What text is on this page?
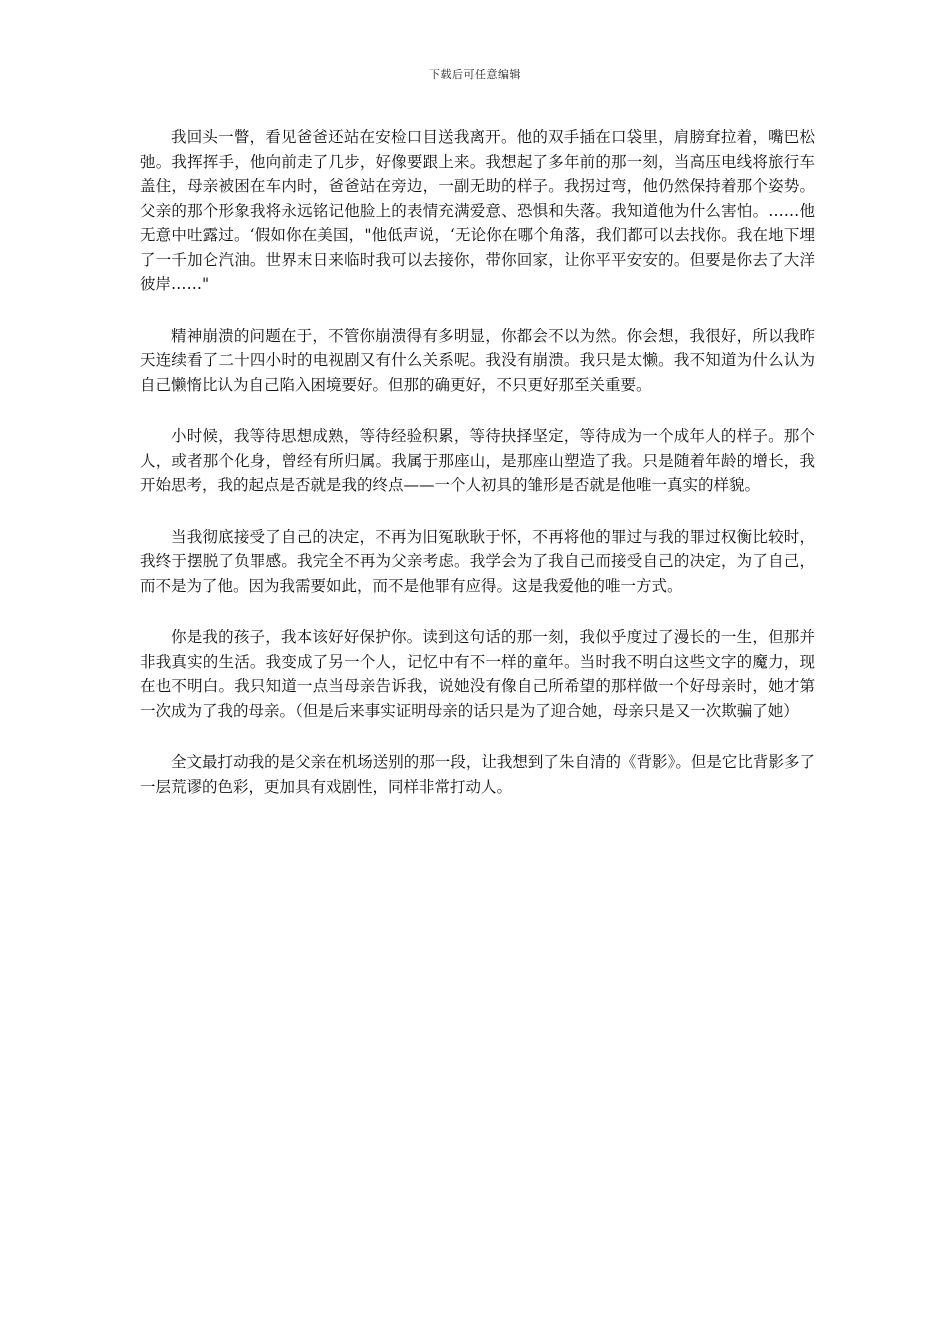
下载后可任意编辑

我回头一瞥，看见爸爸还站在安检口目送我离开。他的双手插在口袋里，肩膀耷拉着，嘴巴松弛。我挥挥手，他向前走了几步，好像要跟上来。我想起了多年前的那一刻，当高压电线将旅行车盖住，母亲被困在车内时，爸爸站在旁边，一副无助的样子。我拐过弯，他仍然保持着那个姿势。父亲的那个形象我将永远铭记他脸上的表情充满爱意、恐惧和失落。我知道他为什么害怕。……他无意中吐露过。‘假如你在美国，"他低声说，‘无论你在哪个角落，我们都可以去找你。我在地下埋了一千加仑汽油。世界末日来临时我可以去接你，带你回家，让你平平安安的。但要是你去了大洋彼岸……"

精神崩溃的问题在于，不管你崩溃得有多明显，你都会不以为然。你会想，我很好，所以我昨天连续看了二十四小时的电视剧又有什么关系呢。我没有崩溃。我只是太懒。我不知道为什么认为自己懒惰比认为自己陷入困境要好。但那的确更好，不只更好那至关重要。

小时候，我等待思想成熟，等待经验积累，等待抉择坚定，等待成为一个成年人的样子。那个人，或者那个化身，曾经有所归属。我属于那座山，是那座山塑造了我。只是随着年龄的增长，我开始思考，我的起点是否就是我的终点——一个人初具的雏形是否就是他唯一真实的样貌。

当我彻底接受了自己的决定，不再为旧冤耿耿于怀，不再将他的罪过与我的罪过权衡比较时，我终于摆脱了负罪感。我完全不再为父亲考虑。我学会为了我自己而接受自己的决定，为了自己，而不是为了他。因为我需要如此，而不是他罪有应得。这是我爱他的唯一方式。

你是我的孩子，我本该好好保护你。读到这句话的那一刻，我似乎度过了漫长的一生，但那并非我真实的生活。我变成了另一个人，记忆中有不一样的童年。当时我不明白这些文字的魔力，现在也不明白。我只知道一点当母亲告诉我，说她没有像自己所希望的那样做一个好母亲时，她才第一次成为了我的母亲。（但是后来事实证明母亲的话只是为了迎合她，母亲只是又一次欺骗了她）

全文最打动我的是父亲在机场送别的那一段，让我想到了朱自清的《背影》。但是它比背影多了一层荒谬的色彩，更加具有戏剧性，同样非常打动人。
